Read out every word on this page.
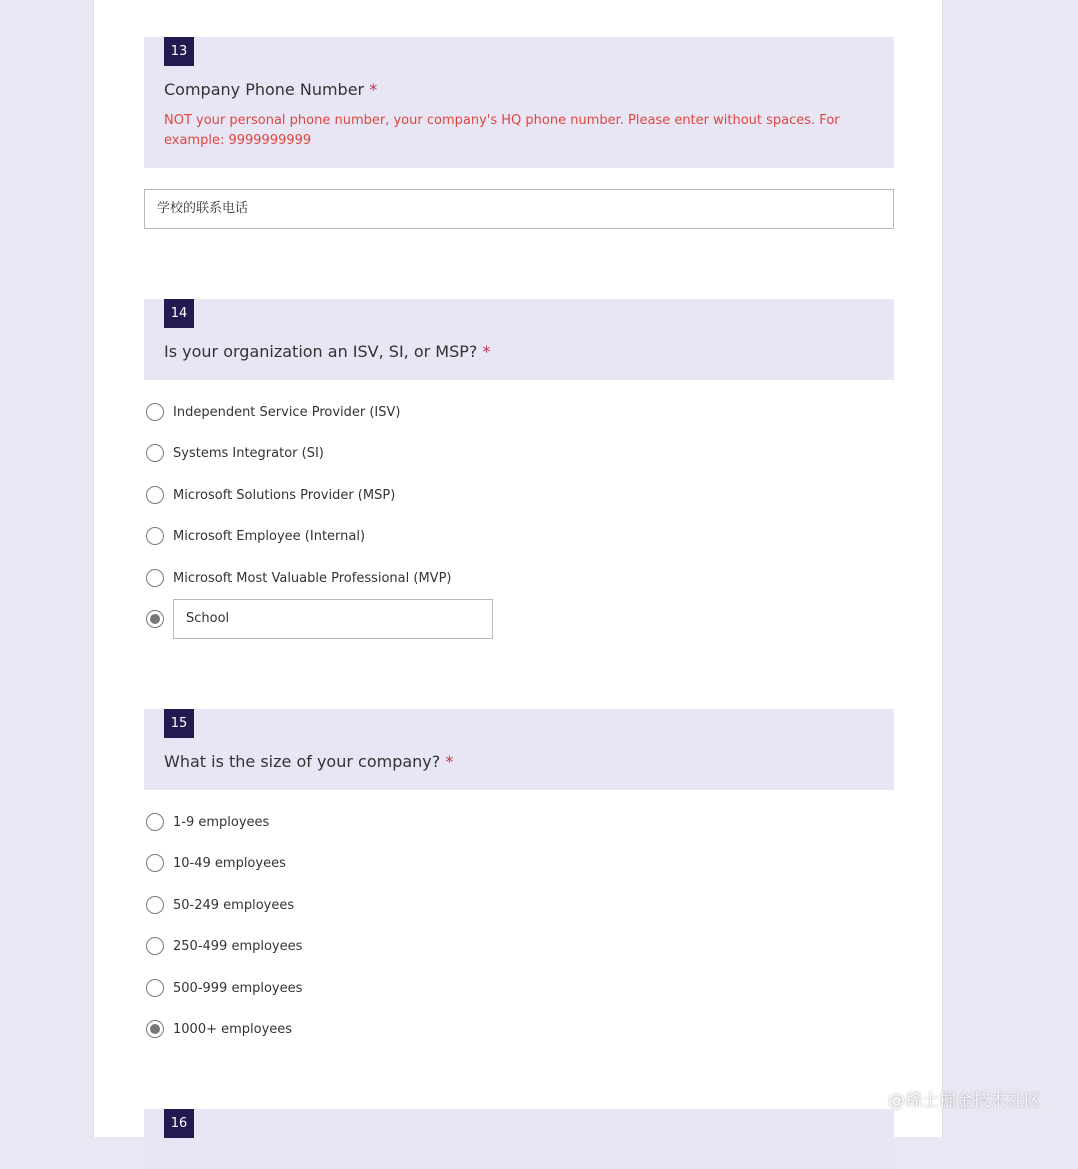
13
Company Phone Number *
NOT your personal phone number, your company's HQ phone number. Please enter without spaces. For example: 9999999999
学校的联系电话
14
Is your organization an ISV, SI, or MSP? *
Independent Service Provider (ISV)
Systems Integrator (SI)
Microsoft Solutions Provider (MSP)
Microsoft Employee (Internal)
Microsoft Most Valuable Professional (MVP)
School
15
What is the size of your company? *
1-9 employees
10-49 employees
50-249 employees
250-499 employees
500-999 employees
1000+ employees
16
@稀土掘金技术社区
